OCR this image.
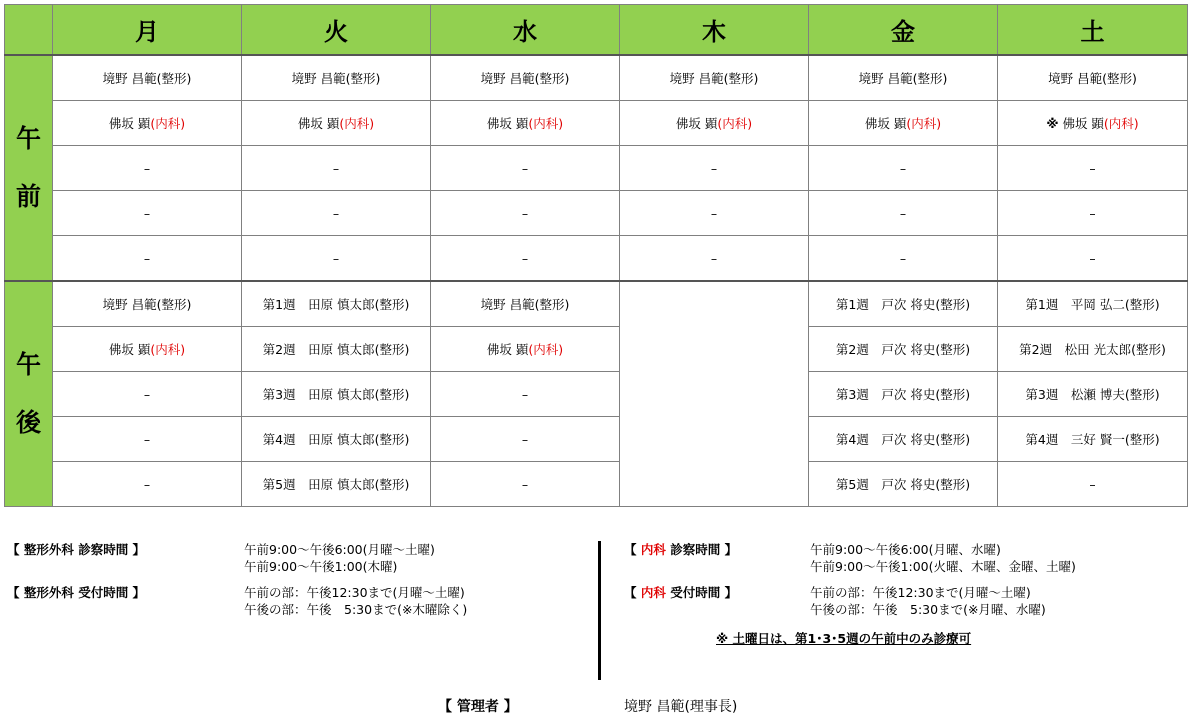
	月	火	水	木	金	土

午
前	境野 昌範(整形)	境野 昌範(整形)	境野 昌範(整形)	境野 昌範(整形)	境野 昌範(整形)	境野 昌範(整形)
	佛坂 顕(内科)	佛坂 顕(内科)	佛坂 顕(内科)	佛坂 顕(内科)	佛坂 顕(内科)	※ 佛坂 顕(内科)
	–	–	–	–	–	–
	–	–	–	–	–	–
	–	–	–	–	–	–

午
後	境野 昌範(整形)	第1週　田原 慎太郎(整形)	境野 昌範(整形)		第1週　戸次 将史(整形)	第1週　平岡 弘二(整形)
	佛坂 顕(内科)	第2週　田原 慎太郎(整形)	佛坂 顕(内科)		第2週　戸次 将史(整形)	第2週　松田 光太郎(整形)
	–	第3週　田原 慎太郎(整形)	–		第3週　戸次 将史(整形)	第3週　松瀬 博夫(整形)
	–	第4週　田原 慎太郎(整形)	–		第4週　戸次 将史(整形)	第4週　三好 賢一(整形)
	–	第5週　田原 慎太郎(整形)	–		第5週　戸次 将史(整形)	–
【 整形外科 診察時間 】	午前9:00～午後6:00(月曜～土曜)
午前9:00～午後1:00(木曜)
【 整形外科 受付時間 】	午前の部：午後12:30まで(月曜～土曜)
午後の部：午後　5:30まで(※木曜除く)
【 内科 診察時間 】	午前9:00～午後6:00(月曜、水曜)
午前9:00～午後1:00(火曜、木曜、金曜、土曜)
【 内科 受付時間 】	午前の部：午後12:30まで(月曜～土曜)
午後の部：午後　5:30まで(※月曜、水曜)
※ 土曜日は、第1･3･5週の午前中のみ診療可
【 管理者 】	境野 昌範(理事長)
